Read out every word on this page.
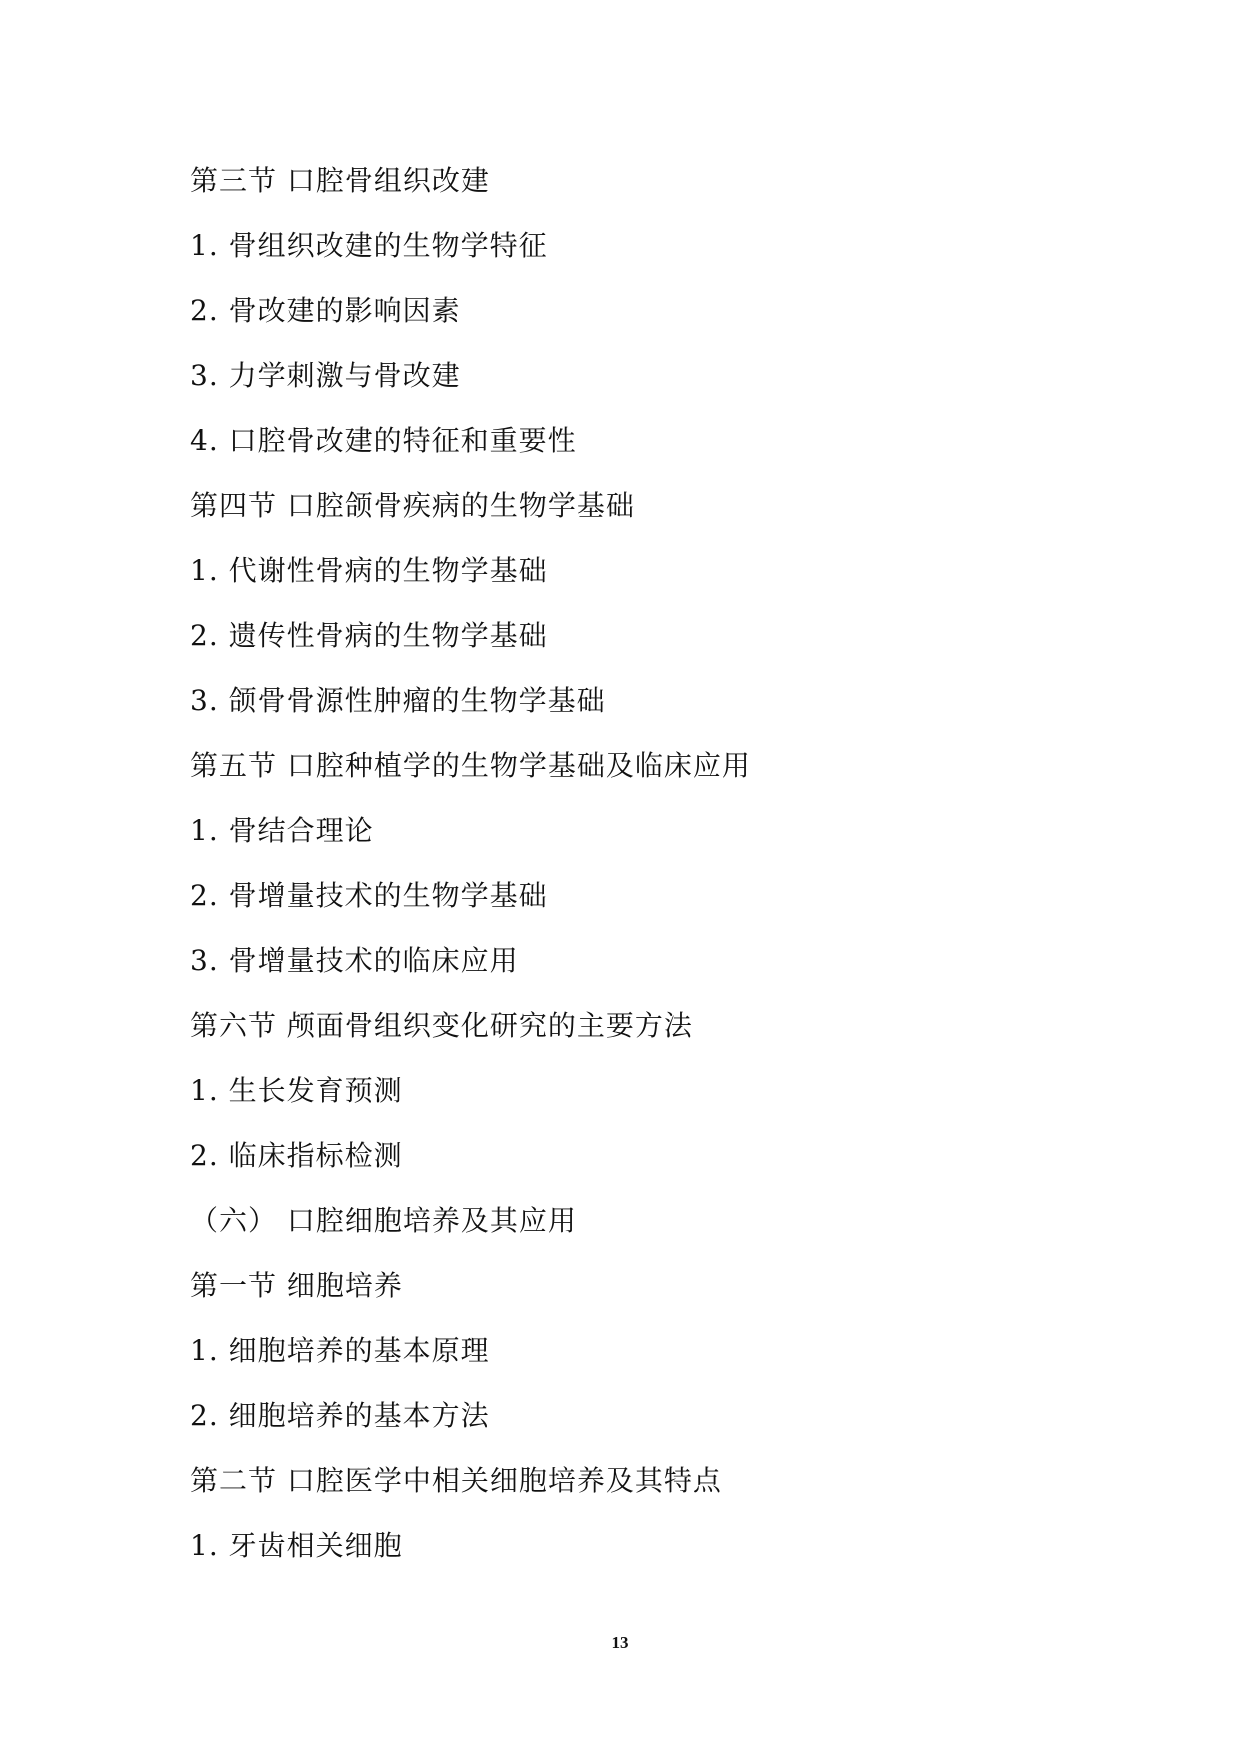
第三节 口腔骨组织改建
1. 骨组织改建的生物学特征
2. 骨改建的影响因素
3. 力学刺激与骨改建
4. 口腔骨改建的特征和重要性
第四节 口腔颌骨疾病的生物学基础
1. 代谢性骨病的生物学基础
2. 遗传性骨病的生物学基础
3. 颌骨骨源性肿瘤的生物学基础
第五节 口腔种植学的生物学基础及临床应用
1. 骨结合理论
2. 骨增量技术的生物学基础
3. 骨增量技术的临床应用
第六节 颅面骨组织变化研究的主要方法
1. 生长发育预测
2. 临床指标检测
（六） 口腔细胞培养及其应用
第一节 细胞培养
1. 细胞培养的基本原理
2. 细胞培养的基本方法
第二节 口腔医学中相关细胞培养及其特点
1. 牙齿相关细胞
13
